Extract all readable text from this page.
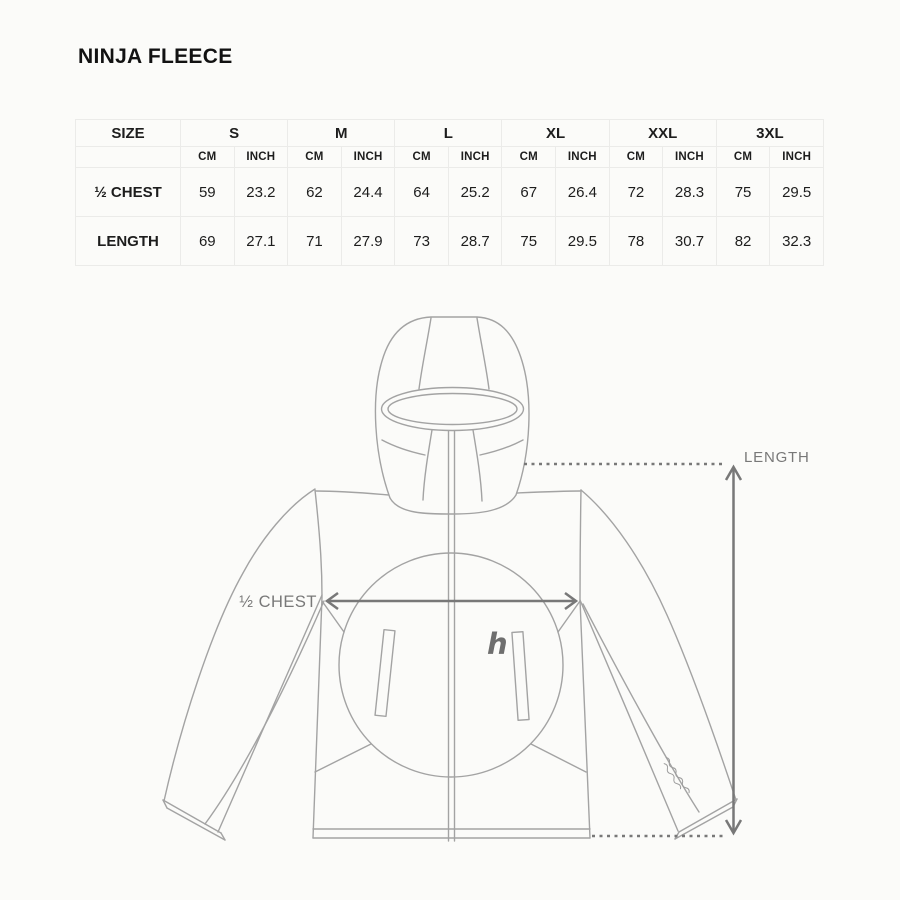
NINJA FLEECE
SIZE	S		M		L		XL		XXL		3XL	
	CM	INCH	CM	INCH	CM	INCH	CM	INCH	CM	INCH	CM	INCH
½ CHEST	59	23.2	62	24.4	64	25.2	67	26.4	72	28.3	75	29.5
LENGTH	69	27.1	71	27.9	73	28.7	75	29.5	78	30.7	82	32.3
h
LENGTH
½ CHEST
